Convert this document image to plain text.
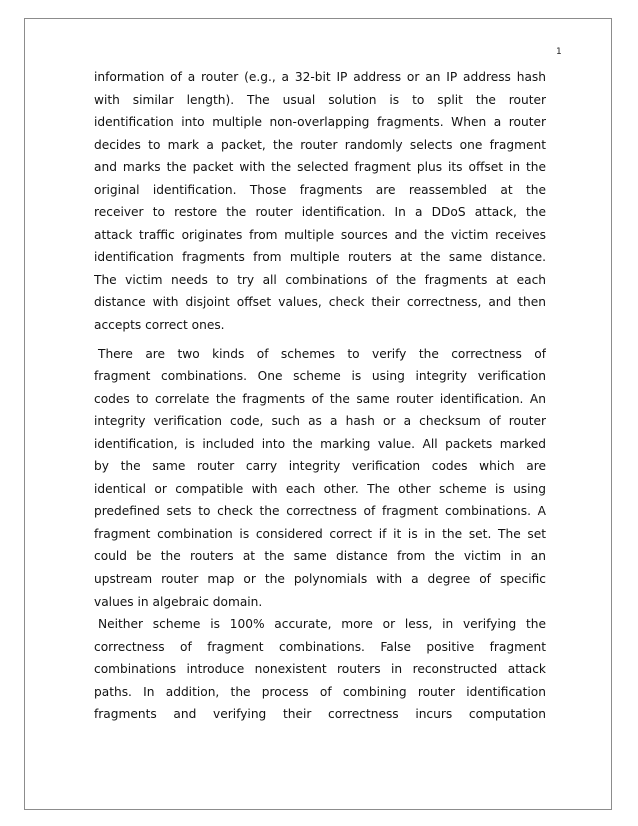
1
information of a router (e.g., a 32-bit IP address or an IP address hash
with similar length). The usual solution is to split the router
identification into multiple non-overlapping fragments. When a router
decides to mark a packet, the router randomly selects one fragment
and marks the packet with the selected fragment plus its offset in the
original identification. Those fragments are reassembled at the
receiver to restore the router identification. In a DDoS attack, the
attack traffic originates from multiple sources and the victim receives
identification fragments from multiple routers at the same distance.
The victim needs to try all combinations of the fragments at each
distance with disjoint offset values, check their correctness, and then
accepts correct ones.
There are two kinds of schemes to verify the correctness of
fragment combinations. One scheme is using integrity verification
codes to correlate the fragments of the same router identification. An
integrity verification code, such as a hash or a checksum of router
identification, is included into the marking value. All packets marked
by the same router carry integrity verification codes which are
identical or compatible with each other. The other scheme is using
predefined sets to check the correctness of fragment combinations. A
fragment combination is considered correct if it is in the set. The set
could be the routers at the same distance from the victim in an
upstream router map or the polynomials with a degree of specific
values in algebraic domain.
Neither scheme is 100% accurate, more or less, in verifying the
correctness of fragment combinations. False positive fragment
combinations introduce nonexistent routers in reconstructed attack
paths. In addition, the process of combining router identification
fragments and verifying their correctness incurs computation
